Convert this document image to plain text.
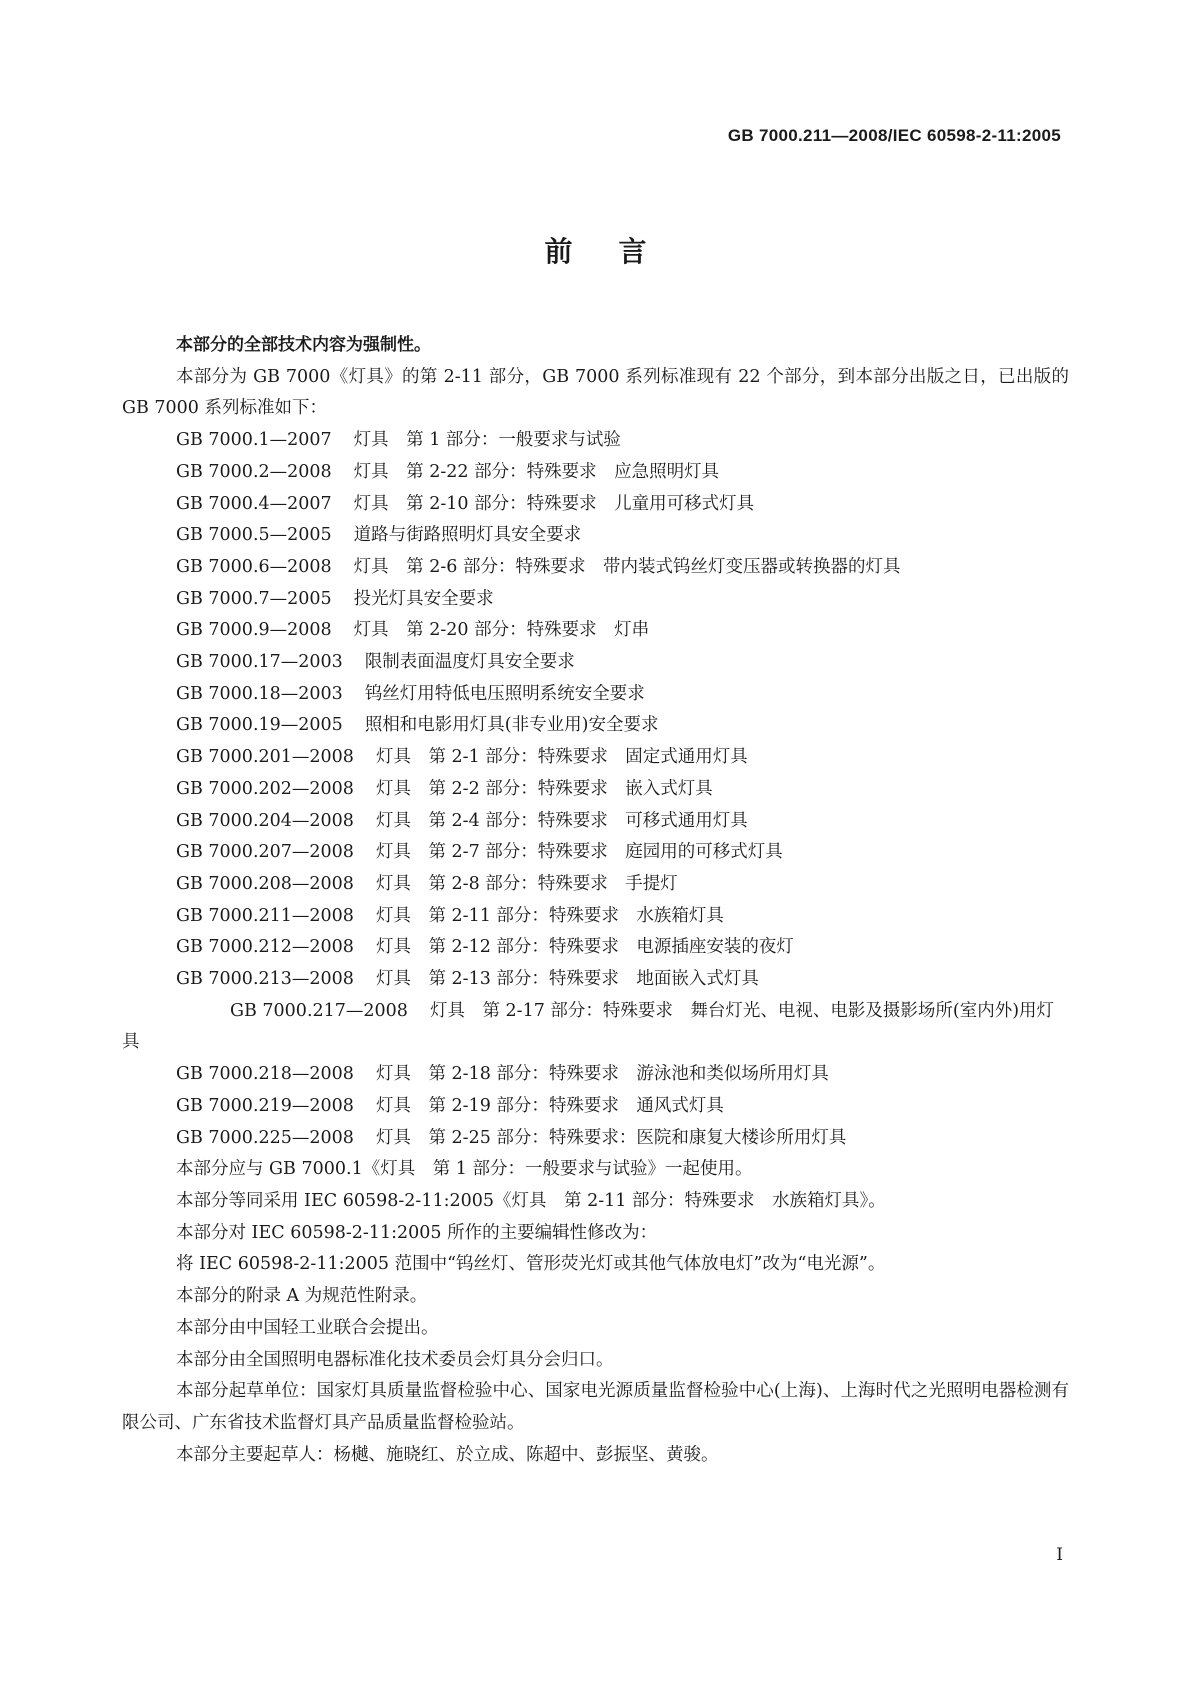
GB 7000.211—2008/IEC 60598-2-11:2005
前言

本部分的全部技术内容为强制性。

本部分为 GB 7000《灯具》的第 2-11 部分，GB 7000 系列标准现有 22 个部分，到本部分出版之日，已出版的 GB 7000 系列标准如下：

GB 7000.1—2007 灯具　第 1 部分：一般要求与试验

GB 7000.2—2008 灯具　第 2-22 部分：特殊要求　应急照明灯具

GB 7000.4—2007 灯具　第 2-10 部分：特殊要求　儿童用可移式灯具

GB 7000.5—2005 道路与街路照明灯具安全要求

GB 7000.6—2008 灯具　第 2-6 部分：特殊要求　带内装式钨丝灯变压器或转换器的灯具

GB 7000.7—2005 投光灯具安全要求

GB 7000.9—2008 灯具　第 2-20 部分：特殊要求　灯串

GB 7000.17—2003 限制表面温度灯具安全要求

GB 7000.18—2003 钨丝灯用特低电压照明系统安全要求

GB 7000.19—2005 照相和电影用灯具(非专业用)安全要求

GB 7000.201—2008 灯具　第 2-1 部分：特殊要求　固定式通用灯具

GB 7000.202—2008 灯具　第 2-2 部分：特殊要求　嵌入式灯具

GB 7000.204—2008 灯具　第 2-4 部分：特殊要求　可移式通用灯具

GB 7000.207—2008 灯具　第 2-7 部分：特殊要求　庭园用的可移式灯具

GB 7000.208—2008 灯具　第 2-8 部分：特殊要求　手提灯

GB 7000.211—2008 灯具　第 2-11 部分：特殊要求　水族箱灯具

GB 7000.212—2008 灯具　第 2-12 部分：特殊要求　电源插座安装的夜灯

GB 7000.213—2008 灯具　第 2-13 部分：特殊要求　地面嵌入式灯具

GB 7000.217—2008 灯具　第 2-17 部分：特殊要求　舞台灯光、电视、电影及摄影场所(室内外)用灯具

GB 7000.218—2008 灯具　第 2-18 部分：特殊要求　游泳池和类似场所用灯具

GB 7000.219—2008 灯具　第 2-19 部分：特殊要求　通风式灯具

GB 7000.225—2008 灯具　第 2-25 部分：特殊要求：医院和康复大楼诊所用灯具

本部分应与 GB 7000.1《灯具　第 1 部分：一般要求与试验》一起使用。

本部分等同采用 IEC 60598-2-11:2005《灯具　第 2-11 部分：特殊要求　水族箱灯具》。

本部分对 IEC 60598-2-11:2005 所作的主要编辑性修改为：

将 IEC 60598-2-11:2005 范围中“钨丝灯、管形荧光灯或其他气体放电灯”改为“电光源”。

本部分的附录 A 为规范性附录。

本部分由中国轻工业联合会提出。

本部分由全国照明电器标准化技术委员会灯具分会归口。

本部分起草单位：国家灯具质量监督检验中心、国家电光源质量监督检验中心(上海)、上海时代之光照明电器检测有限公司、广东省技术监督灯具产品质量监督检验站。

本部分主要起草人：杨樾、施晓红、於立成、陈超中、彭振坚、黄骏。

I
